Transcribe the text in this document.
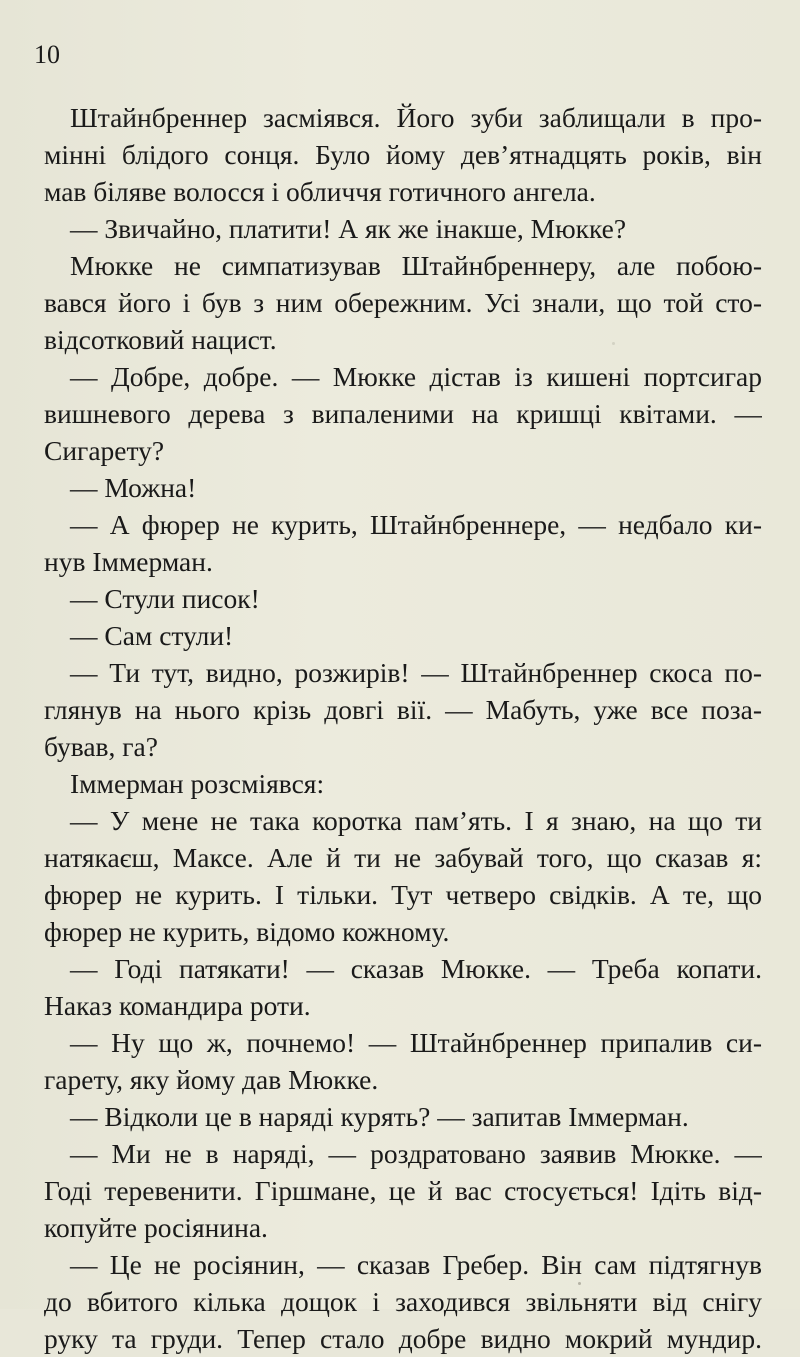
10
Штайнбреннер засміявся. Його зуби заблищали в про-
мінні блідого сонця. Було йому дев’ятнадцять років, він
мав біляве волосся і обличчя готичного ангела.
— Звичайно, платити! А як же інакше, Мюкке?
Мюкке не симпатизував Штайнбреннеру, але побою-
вався його і був з ним обережним. Усі знали, що той сто-
відсотковий нацист.
— Добре, добре. — Мюкке дістав із кишені портсигар
вишневого дерева з випаленими на кришці квітами. —
Сигарету?
— Можна!
— А фюрер не курить, Штайнбреннере, — недбало ки-
нув Іммерман.
— Стули писок!
— Сам стули!
— Ти тут, видно, розжирів! — Штайнбреннер скоса по-
глянув на нього крізь довгі вії. — Мабуть, уже все поза-
бував, га?
Іммерман розсміявся:
— У мене не така коротка пам’ять. І я знаю, на що ти
натякаєш, Максе. Але й ти не забувай того, що сказав я:
фюрер не курить. І тільки. Тут четверо свідків. А те, що
фюрер не курить, відомо кожному.
— Годі патякати! — сказав Мюкке. — Треба копати.
Наказ командира роти.
— Ну що ж, почнемо! — Штайнбреннер припалив си-
гарету, яку йому дав Мюкке.
— Відколи це в наряді курять? — запитав Іммерман.
— Ми не в наряді, — роздратовано заявив Мюкке. —
Годі теревенити. Гіршмане, це й вас стосується! Ідіть від-
копуйте росіянина.
— Це не росіянин, — сказав Гребер. Він сам підтягнув
до вбитого кілька дощок і заходився звільняти від снігу
руку та груди. Тепер стало добре видно мокрий мундир.
